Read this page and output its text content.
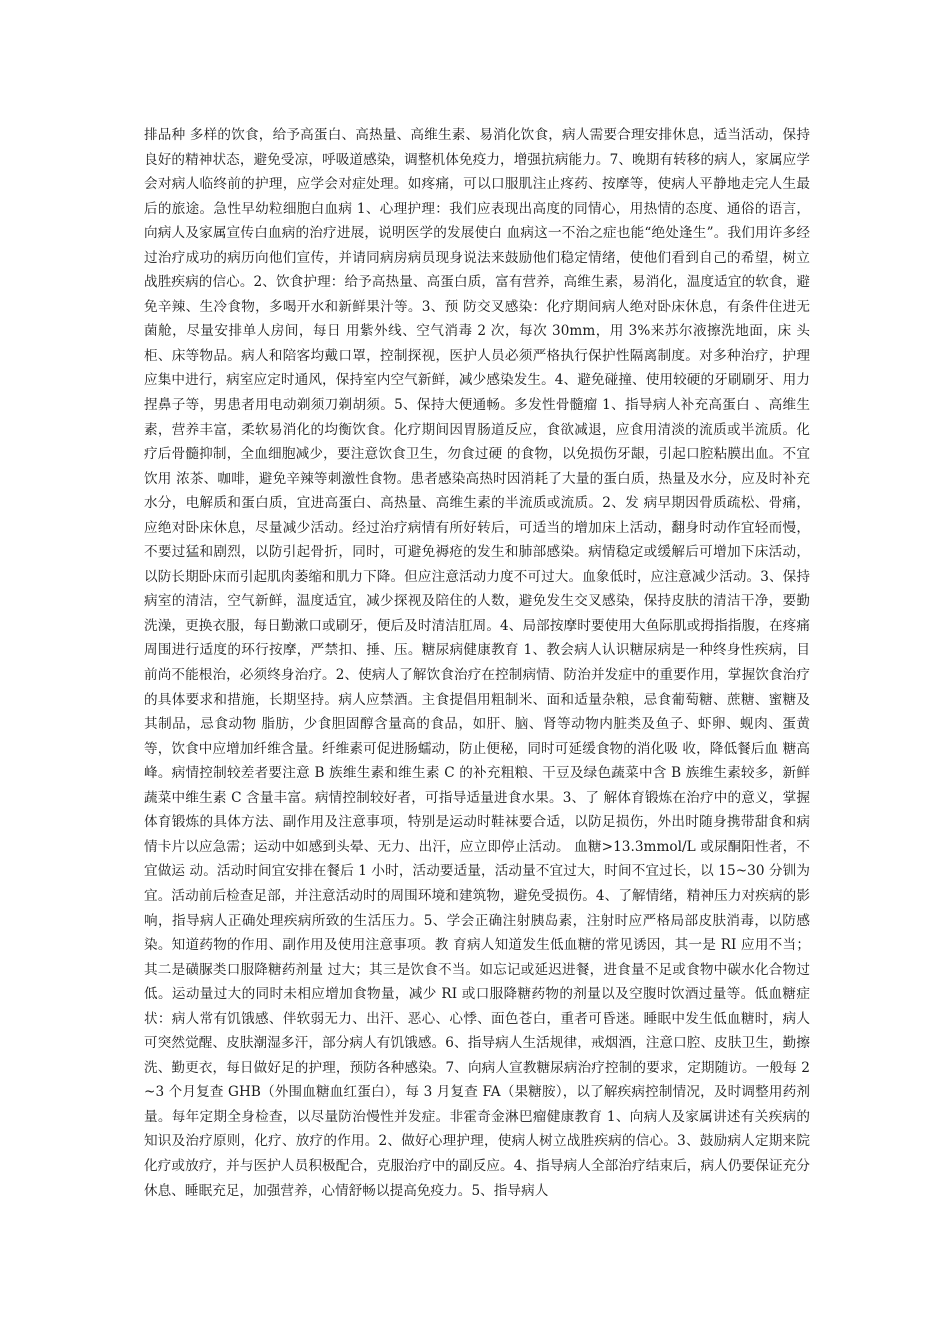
排品种 多样的饮食，给予高蛋白、高热量、高维生素、易消化饮食，病人需要合理安排休息，适当活动，保持良好的精神状态，避免受凉，呼吸道感染，调整机体免疫力，增强抗病能力。7、晚期有转移的病人，家属应学会对病人临终前的护理，应学会对症处理。如疼痛，可以口服肌注止疼药、按摩等，使病人平静地走完人生最后的旅途。急性早幼粒细胞白血病 1、心理护理：我们应表现出高度的同情心，用热情的态度、通俗的语言，向病人及家属宣传白血病的治疗进展，说明医学的发展使白 血病这一不治之症也能“绝处逢生”。我们用许多经过治疗成功的病历向他们宣传，并请同病房病员现身说法来鼓励他们稳定情绪，使他们看到自己的希望，树立战胜疾病的信心。2、饮食护理：给予高热量、高蛋白质，富有营养，高维生素，易消化，温度适宜的软食，避免辛辣、生冷食物，多喝开水和新鲜果汁等。3、预 防交叉感染：化疗期间病人绝对卧床休息，有条件住进无菌舱，尽量安排单人房间，每日 用紫外线、空气消毒 2 次，每次 30mm，用 3%来苏尔液擦洗地面，床 头柜、床等物品。病人和陪客均戴口罩，控制探视，医护人员必须严格执行保护性隔离制度。对多种治疗，护理应集中进行，病室应定时通风，保持室内空气新鲜，减少感染发生。4、避免碰撞、使用较硬的牙刷刷牙、用力捏鼻子等，男患者用电动剃须刀剃胡须。5、保持大便通畅。多发性骨髓瘤 1、指导病人补充高蛋白 、高维生素，营养丰富，柔软易消化的均衡饮食。化疗期间因胃肠道反应，食欲减退，应食用清淡的流质或半流质。化疗后骨髓抑制，全血细胞减少，要注意饮食卫生，勿食过硬 的食物，以免损伤牙龈，引起口腔粘膜出血。不宜饮用 浓茶、咖啡，避免辛辣等刺激性食物。患者感染高热时因消耗了大量的蛋白质，热量及水分，应及时补充水分，电解质和蛋白质，宜进高蛋白、高热量、高维生素的半流质或流质。2、发 病早期因骨质疏松、骨痛，应绝对卧床休息，尽量减少活动。经过治疗病情有所好转后，可适当的增加床上活动，翻身时动作宜轻而慢，不要过猛和剧烈，以防引起骨折，同时，可避免褥疮的发生和肺部感染。病情稳定或缓解后可增加下床活动，以防长期卧床而引起肌肉萎缩和肌力下降。但应注意活动力度不可过大。血象低时，应注意减少活动。3、保持病室的清洁，空气新鲜，温度适宜，减少探视及陪住的人数，避免发生交叉感染，保持皮肤的清洁干净，要勤洗澡，更换衣服，每日勤漱口或刷牙，便后及时清洁肛周。4、局部按摩时要使用大鱼际肌或拇指指腹，在疼痛周围进行适度的环行按摩，严禁扣、捶、压。糖尿病健康教育 1、教会病人认识糖尿病是一种终身性疾病，目前尚不能根治，必须终身治疗。2、使病人了解饮食治疗在控制病情、防治并发症中的重要作用，掌握饮食治疗的具体要求和措施，长期坚持。病人应禁酒。主食提倡用粗制米、面和适量杂粮，忌食葡萄糖、蔗糖、蜜糖及其制品，忌食动物 脂肪，少食胆固醇含量高的食品，如肝、脑、肾等动物内脏类及鱼子、虾卵、蚬肉、蛋黄 等，饮食中应增加纤维含量。纤维素可促进肠蠕动，防止便秘，同时可延缓食物的消化吸 收，降低餐后血 糖高峰。病情控制较差者要注意 B 族维生素和维生素 C 的补充粗粮、干豆及绿色蔬菜中含 B 族维生素较多，新鲜蔬菜中维生素 C 含量丰富。病情控制较好者，可指导适量进食水果。3、了 解体育锻炼在治疗中的意义，掌握 体育锻炼的具体方法、副作用及注意事项，特别是运动时鞋袜要合适，以防足损伤，外出时随身携带甜食和病情卡片以应急需；运动中如感到头晕、无力、出汗，应立即停止活动。 血糖>13.3mmol/L 或尿酮阳性者，不宜做运 动。活动时间宜安排在餐后 1 小时，活动要适量，活动量不宜过大，时间不宜过长，以 15~30 分钏为宜。活动前后检查足部，并注意活动时的周围环境和建筑物，避免受损伤。4、了解情绪，精神压力对疾病的影响，指导病人正确处理疾病所致的生活压力。5、学会正确注射胰岛素，注射时应严格局部皮肤消毒，以防感染。知道药物的作用、副作用及使用注意事项。教 育病人知道发生低血糖的常见诱因，其一是 RI 应用不当；其二是磺脲类口服降糖药剂量 过大；其三是饮食不当。如忘记或延迟进餐，进食量不足或食物中碳水化合物过低。运动量过大的同时未相应增加食物量，减少 RI 或口服降糖药物的剂量以及空腹时饮酒过量等。低血糖症状：病人常有饥饿感、伴软弱无力、出汗、恶心、心悸、面色苍白，重者可昏迷。睡眠中发生低血糖时，病人可突然觉醒、皮肤潮湿多汗，部分病人有饥饿感。6、指导病人生活规律，戒烟酒，注意口腔、皮肤卫生，勤擦洗、勤更衣，每日做好足的护理，预防各种感染。7、向病人宣教糖尿病治疗控制的要求，定期随访。一般每 2~3 个月复查 GHB（外围血糖血红蛋白），每 3 月复查 FA（果糖胺），以了解疾病控制情况，及时调整用药剂量。每年定期全身检查，以尽量防治慢性并发症。非霍奇金淋巴瘤健康教育 1、向病人及家属讲述有关疾病的知识及治疗原则，化疗、放疗的作用。2、做好心理护理，使病人树立战胜疾病的信心。3、鼓励病人定期来院化疗或放疗，并与医护人员积极配合，克服治疗中的副反应。4、指导病人全部治疗结束后，病人仍要保证充分休息、睡眠充足，加强营养，心情舒畅以提高免疫力。5、指导病人
